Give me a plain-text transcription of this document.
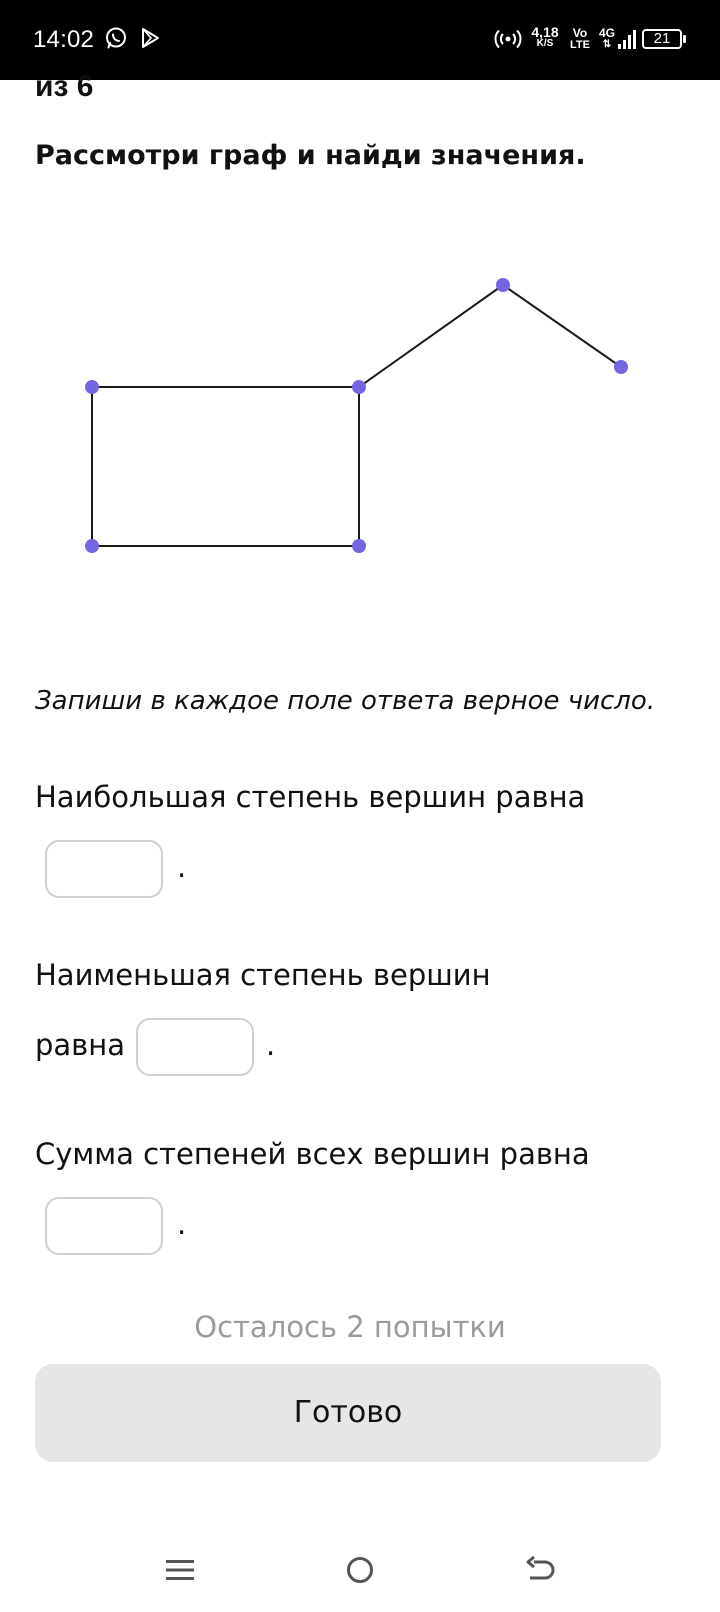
14:02	4,18
K/S
Vo
LTE
4G
⇅	21
из 6
Рассмотри граф и найди значения.
Запиши в каждое поле ответа верное число.
Наибольшая степень вершин равна
.
Наименьшая степень вершин
равна	.
Сумма степеней всех вершин равна
.
Осталось 2 попытки
Готово
